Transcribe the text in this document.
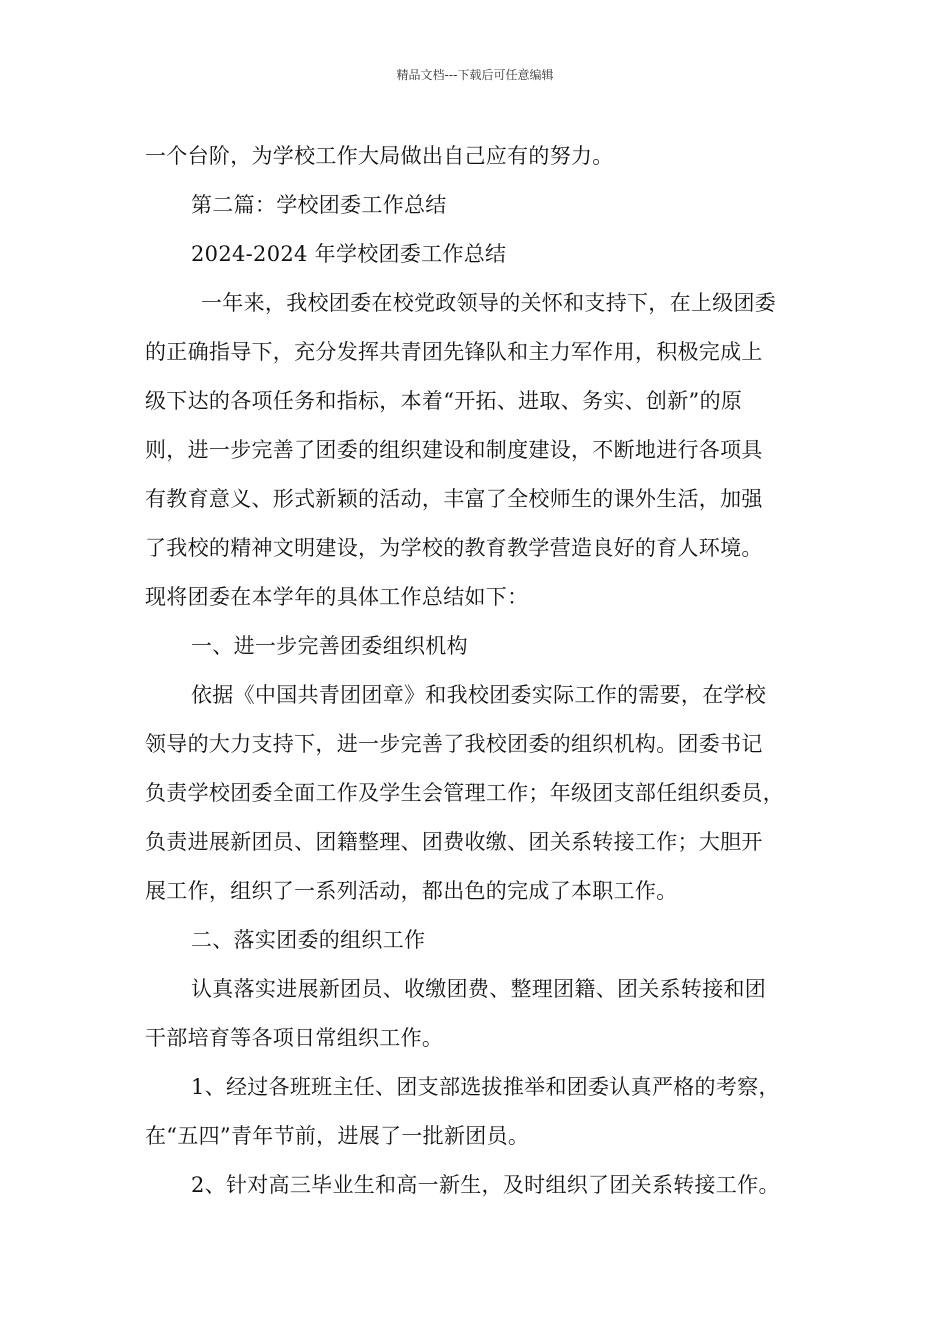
精品文档---下载后可任意编辑
一个台阶，为学校工作大局做出自己应有的努力。
第二篇：学校团委工作总结
2024-2024 年学校团委工作总结
一年来，我校团委在校党政领导的关怀和支持下，在上级团委
的正确指导下，充分发挥共青团先锋队和主力军作用，积极完成上
级下达的各项任务和指标，本着“开拓、进取、务实、创新”的原
则，进一步完善了团委的组织建设和制度建设，不断地进行各项具
有教育意义、形式新颖的活动，丰富了全校师生的课外生活，加强
了我校的精神文明建设，为学校的教育教学营造良好的育人环境。
现将团委在本学年的具体工作总结如下：
一、进一步完善团委组织机构
依据《中国共青团团章》和我校团委实际工作的需要，在学校
领导的大力支持下，进一步完善了我校团委的组织机构。团委书记
负责学校团委全面工作及学生会管理工作；年级团支部任组织委员，
负责进展新团员、团籍整理、团费收缴、团关系转接工作；大胆开
展工作，组织了一系列活动，都出色的完成了本职工作。
二、落实团委的组织工作
认真落实进展新团员、收缴团费、整理团籍、团关系转接和团
干部培育等各项日常组织工作。
1、经过各班班主任、团支部选拔推举和团委认真严格的考察，
在“五四”青年节前，进展了一批新团员。
2、针对高三毕业生和高一新生，及时组织了团关系转接工作。
